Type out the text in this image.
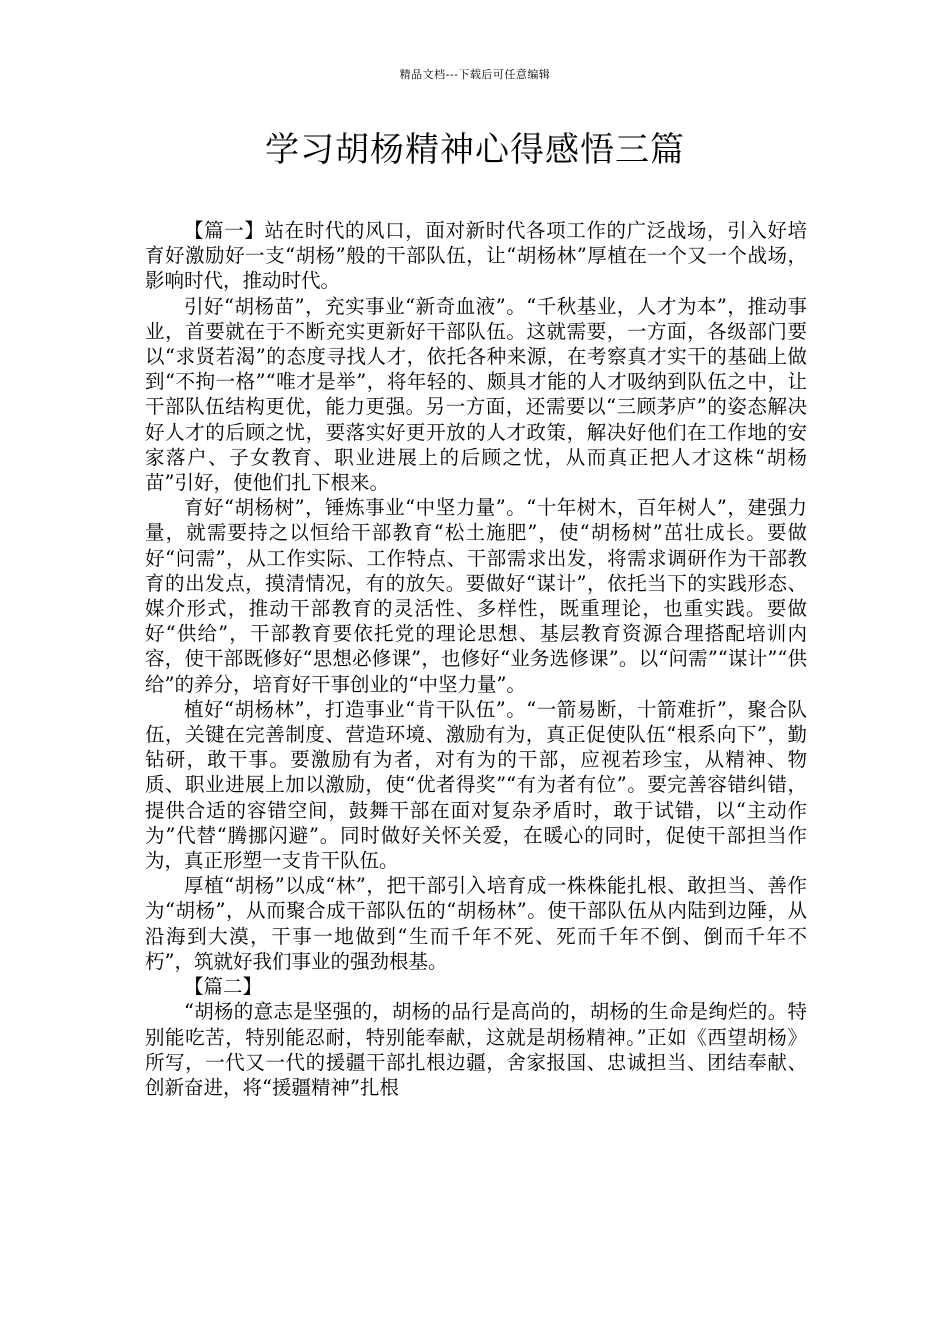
精品文档---下载后可任意编辑
学习胡杨精神心得感悟三篇

【篇一】站在时代的风口，面对新时代各项工作的广泛战场，引入好培育好激励好一支“胡杨”般的干部队伍，让“胡杨林”厚植在一个又一个战场，影响时代，推动时代。

引好“胡杨苗”，充实事业“新奇血液”。“千秋基业，人才为本”，推动事业，首要就在于不断充实更新好干部队伍。这就需要，一方面，各级部门要以“求贤若渴”的态度寻找人才，依托各种来源，在考察真才实干的基础上做到“不拘一格”“唯才是举”，将年轻的、颇具才能的人才吸纳到队伍之中，让干部队伍结构更优，能力更强。另一方面，还需要以“三顾茅庐”的姿态解决好人才的后顾之忧，要落实好更开放的人才政策，解决好他们在工作地的安家落户、子女教育、职业进展上的后顾之忧，从而真正把人才这株“胡杨苗”引好，使他们扎下根来。

育好“胡杨树”，锤炼事业“中坚力量”。“十年树木，百年树人”，建强力量，就需要持之以恒给干部教育“松土施肥”，使“胡杨树”茁壮成长。要做好“问需”，从工作实际、工作特点、干部需求出发，将需求调研作为干部教育的出发点，摸清情况，有的放矢。要做好“谋计”，依托当下的实践形态、媒介形式，推动干部教育的灵活性、多样性，既重理论，也重实践。要做好“供给”，干部教育要依托党的理论思想、基层教育资源合理搭配培训内容，使干部既修好“思想必修课”，也修好“业务选修课”。以“问需”“谋计”“供给”的养分，培育好干事创业的“中坚力量”。

植好“胡杨林”，打造事业“肯干队伍”。“一箭易断，十箭难折”，聚合队伍，关键在完善制度、营造环境、激励有为，真正促使队伍“根系向下”，勤钻研，敢干事。要激励有为者，对有为的干部，应视若珍宝，从精神、物质、职业进展上加以激励，使“优者得奖”“有为者有位”。要完善容错纠错，提供合适的容错空间，鼓舞干部在面对复杂矛盾时，敢于试错，以“主动作为”代替“腾挪闪避”。同时做好关怀关爱，在暖心的同时，促使干部担当作为，真正形塑一支肯干队伍。

厚植“胡杨”以成“林”，把干部引入培育成一株株能扎根、敢担当、善作为“胡杨”，从而聚合成干部队伍的“胡杨林”。使干部队伍从内陆到边陲，从沿海到大漠，干事一地做到“生而千年不死、死而千年不倒、倒而千年不朽”，筑就好我们事业的强劲根基。

【篇二】

“胡杨的意志是坚强的，胡杨的品行是高尚的，胡杨的生命是绚烂的。特别能吃苦，特别能忍耐，特别能奉献，这就是胡杨精神。”正如《西望胡杨》所写，一代又一代的援疆干部扎根边疆，舍家报国、忠诚担当、团结奉献、创新奋进，将“援疆精神”扎根
